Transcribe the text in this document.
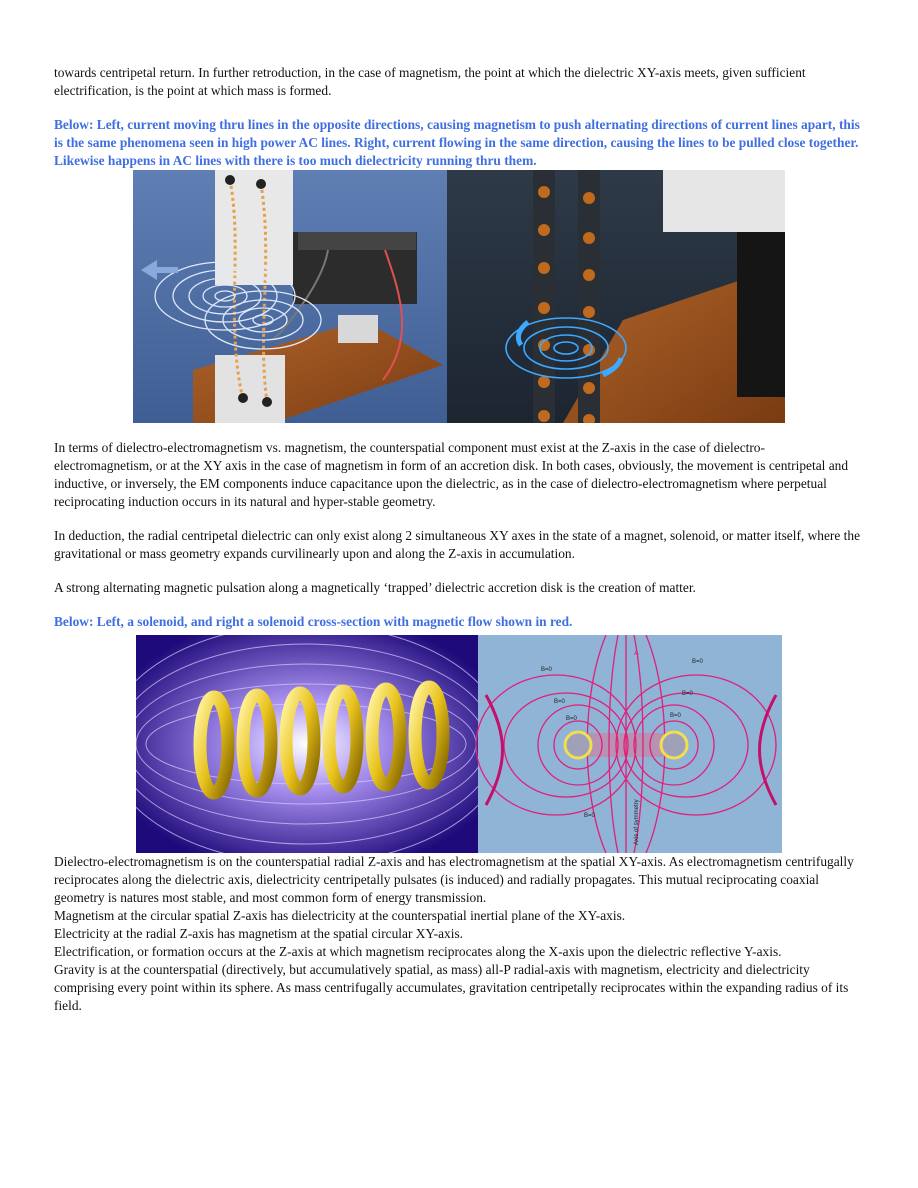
towards centripetal return. In further retroduction, in the case of magnetism, the point at which the dielectric XY-axis meets, given sufficient electrification, is the point at which mass is formed.

Below: Left, current moving thru lines in the opposite directions, causing magnetism to push alternating directions of current lines apart, this is the same phenomena seen in high power AC lines. Right, current flowing in the same direction, causing the lines to be pulled close together. Likewise happens in AC lines with there is too much dielectricity running thru them.

In terms of dielectro-electromagnetism vs. magnetism, the counterspatial component must exist at the Z-axis in the case of dielectro-electromagnetism, or at the XY axis in the case of magnetism in form of an accretion disk. In both cases, obviously, the movement is centripetal and inductive, or inversely, the EM components induce capacitance upon the dielectric, as in the case of dielectro-electromagnetism where perpetual reciprocating induction occurs in its natural and hyper-stable geometry.

In deduction, the radial centripetal dielectric can only exist along 2 simultaneous XY axes in the state of a magnet, solenoid, or matter itself, where the gravitational or mass geometry expands curvilinearly upon and along the Z-axis in accumulation.

A strong alternating magnetic pulsation along a magnetically ‘trapped’ dielectric accretion disk is the creation of matter.

Below: Left, a solenoid, and right a solenoid cross-section with magnetic flow shown in red.

B=0
B=0
B=0
B=0
B=0	B=0
B=0
A
Axis of symmetry

Dielectro-electromagnetism is on the counterspatial radial Z-axis and has electromagnetism at the spatial XY-axis. As electromagnetism centrifugally reciprocates along the dielectric axis, dielectricity centripetally pulsates (is induced) and radially propagates. This mutual reciprocating coaxial geometry is natures most stable, and most common form of energy transmission.

Magnetism at the circular spatial Z-axis has dielectricity at the counterspatial inertial plane of the XY-axis.

Electricity at the radial Z-axis has magnetism at the spatial circular XY-axis.

Electrification, or formation occurs at the Z-axis at which magnetism reciprocates along the X-axis upon the dielectric reflective Y-axis.

Gravity is at the counterspatial (directively, but accumulatively spatial, as mass) all-P radial-axis with magnetism, electricity and dielectricity comprising every point within its sphere. As mass centrifugally accumulates, gravitation centripetally reciprocates within the expanding radius of its field.
